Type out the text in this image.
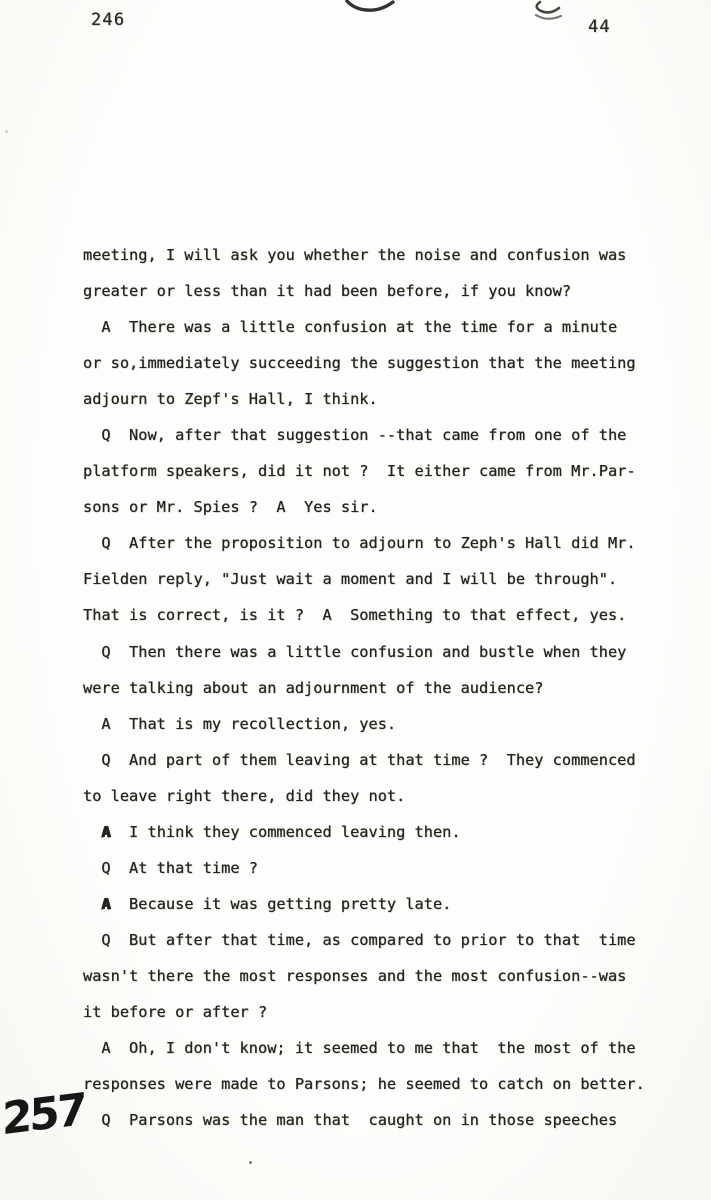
246	44
meeting, I will ask you whether the noise and confusion was
greater or less than it had been before, if you know?
A  There was a little confusion at the time for a minute
or so,immediately succeeding the suggestion that the meeting
adjourn to Zepf's Hall, I think.
Q  Now, after that suggestion --that came from one of the
platform speakers, did it not ?  It either came from Mr.Par-
sons or Mr. Spies ?  A  Yes sir.
Q  After the proposition to adjourn to Zeph's Hall did Mr.
Fielden reply, "Just wait a moment and I will be through".
That is correct, is it ?  A  Something to that effect, yes.
Q  Then there was a little confusion and bustle when they
were talking about an adjournment of the audience?
A  That is my recollection, yes.
Q  And part of them leaving at that time ?  They commenced
to leave right there, did they not.
A  I think they commenced leaving then.
Q  At that time ?
A  Because it was getting pretty late.
Q  But after that time, as compared to prior to that  time
wasn't there the most responses and the most confusion--was
it before or after ?
A  Oh, I don't know; it seemed to me that  the most of the
responses were made to Parsons; he seemed to catch on better.
Q  Parsons was the man that  caught on in those speeches
257
